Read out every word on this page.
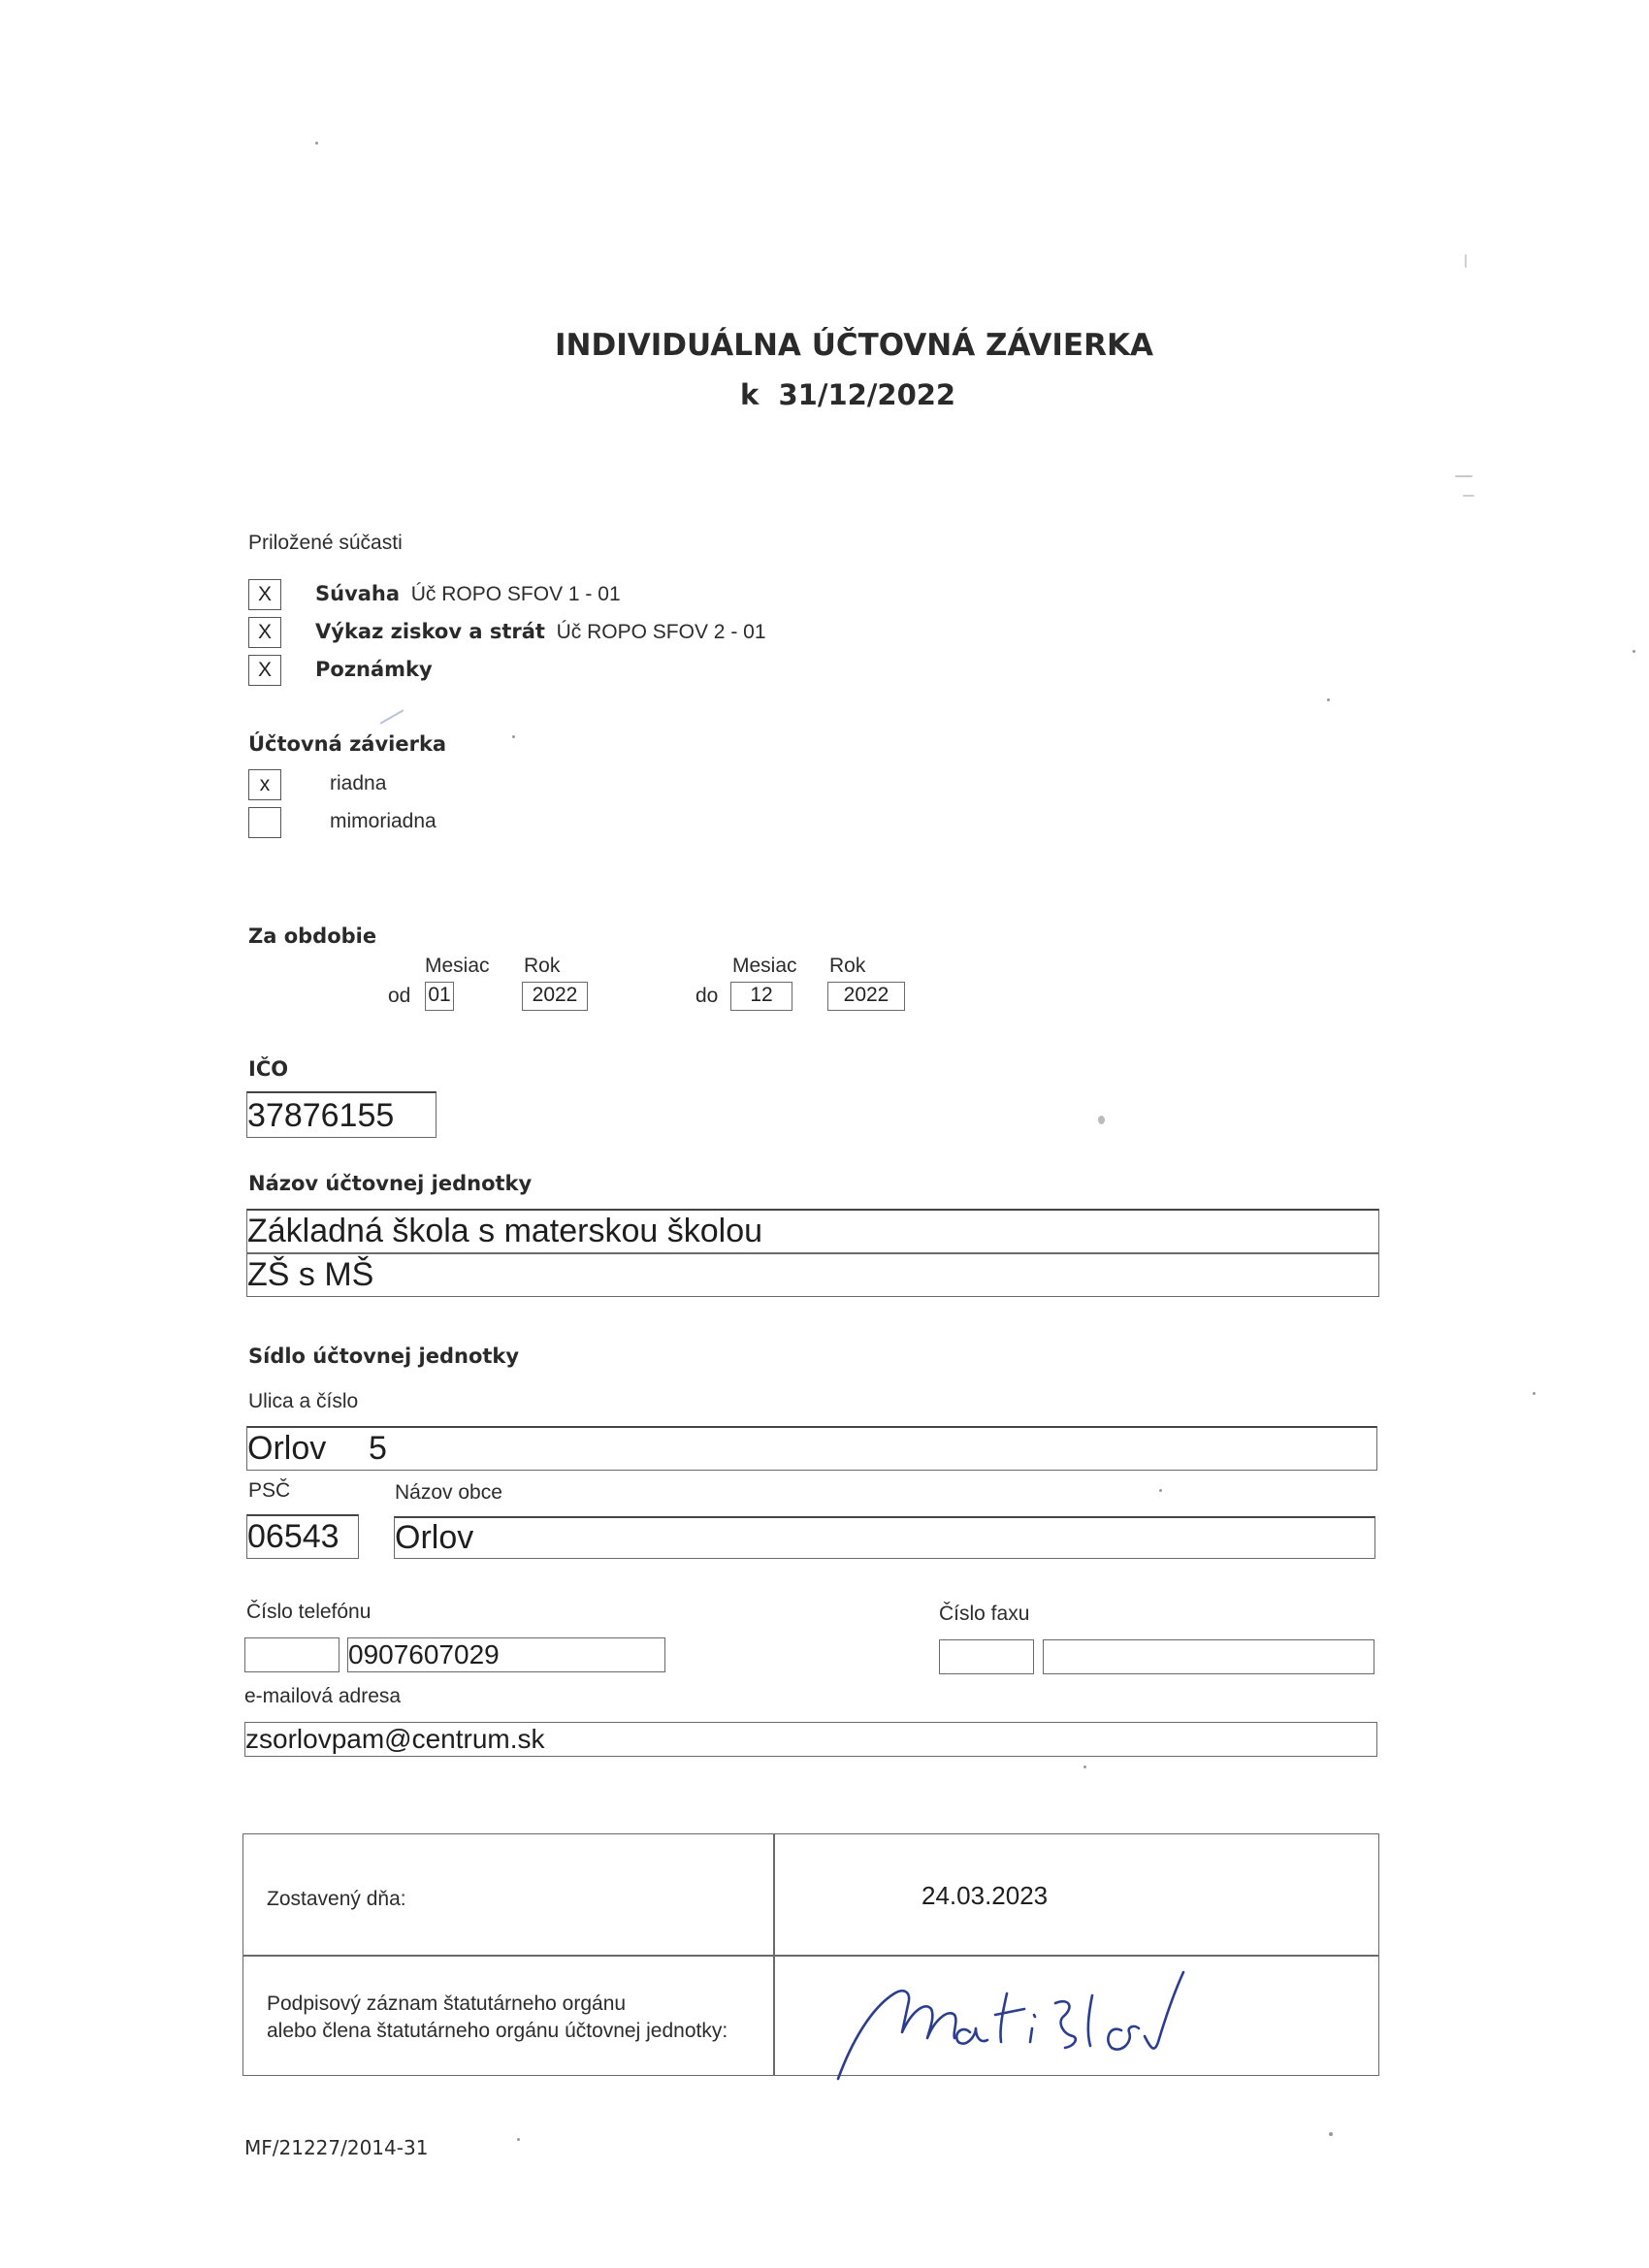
INDIVIDUÁLNA ÚČTOVNÁ ZÁVIERKA
k 31/12/2022
Priložené súčasti
X	Súvaha Úč ROPO SFOV 1 - 01
X	Výkaz ziskov a strát Úč ROPO SFOV 2 - 01
X	Poznámky
Účtovná závierka
x	riadna
mimoriadna
Za obdobie
Mesiac Rok	Mesiac Rok
od 01	2022	do	12	2022
IČO
37876155
Názov účtovnej jednotky
Základná škola s materskou školou
ZŠ s MŠ
Sídlo účtovnej jednotky
Ulica a číslo
Orlov 5
PSČ	Názov obce
06543 Orlov
Číslo telefónu	Číslo faxu
0907607029
e-mailová adresa
zsorlovpam@centrum.sk
Zostavený dňa:	24.03.2023
Podpisový záznam štatutárneho orgánu
alebo člena štatutárneho orgánu účtovnej jednotky:
MF/21227/2014-31
